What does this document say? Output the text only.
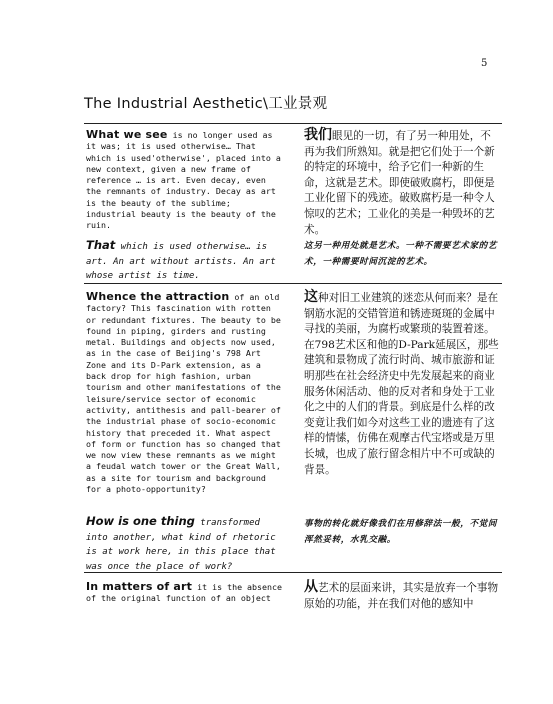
5
The Industrial Aesthetic\工业景观
What we see is no longer used as it was; it is used otherwise… That which is used'otherwise', placed into a new context, given a new frame of reference … is art. Even decay, even the remnants of industry. Decay as art is the beauty of the sublime; industrial beauty is the beauty of the ruin.
我们眼见的一切，有了另一种用处，不再为我们所熟知。就是把它们处于一个新的特定的环境中，给予它们一种新的生命，这就是艺术。即使破败腐朽，即便是工业化留下的残迹。破败腐朽是一种令人惊叹的艺术；工业化的美是一种毁坏的艺术。
That which is used otherwise… is art. An art without artists. An art whose artist is time.
这另一种用处就是艺术。一种不需要艺术家的艺术，一种需要时间沉淀的艺术。
Whence the attraction of an old factory? This fascination with rotten or redundant fixtures. The beauty to be found in piping, girders and rusting metal. Buildings and objects now used, as in the case of Beijing's 798 Art Zone and its D-Park extension, as a back drop for high fashion, urban tourism and other manifestations of the leisure/service sector of economic activity, antithesis and pall-bearer of the industrial phase of socio-economic history that preceded it. What aspect of form or function has so changed that we now view these remnants as we might a feudal watch tower or the Great Wall, as a site for tourism and background for a photo-opportunity?
这种对旧工业建筑的迷恋从何而来？是在钢筋水泥的交错管道和锈迹斑斑的金属中寻找的美丽，为腐朽或繁琐的装置着迷。在798艺术区和他的D-Park延展区，那些建筑和景物成了流行时尚、城市旅游和证明那些在社会经济史中先发展起来的商业服务休闲活动、他的反对者和身处于工业化之中的人们的背景。到底是什么样的改变竟让我们如今对这些工业的遗迹有了这样的情愫，仿佛在观摩古代宝塔或是万里长城，也成了旅行留念相片中不可或缺的背景。
How is one thing transformed into another, what kind of rhetoric is at work here, in this place that was once the place of work?
事物的转化就好像我们在用修辞法一般，不觉间浑然妥转，水乳交融。
In matters of art it is the absence of the original function of an object
从艺术的层面来讲，其实是放弃一个事物原始的功能，并在我们对他的感知中
